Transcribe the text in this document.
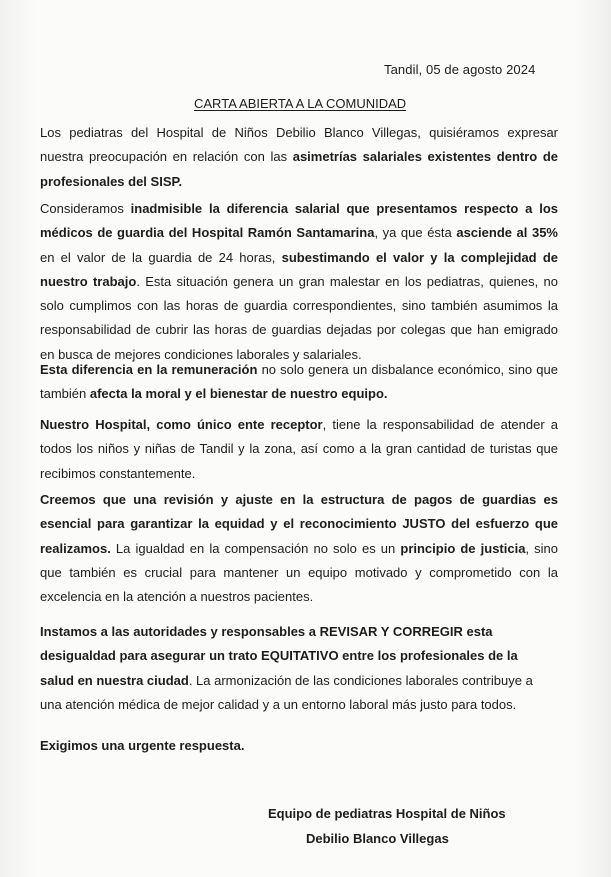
Tandil, 05 de agosto 2024
CARTA ABIERTA A LA COMUNIDAD

Los pediatras del Hospital de Niños Debilio Blanco Villegas, quisiéramos expresar nuestra preocupación en relación con las asimetrías salariales existentes dentro de profesionales del SISP.

Consideramos inadmisible la diferencia salarial que presentamos respecto a los médicos de guardia del Hospital Ramón Santamarina, ya que ésta asciende al 35% en el valor de la guardia de 24 horas, subestimando el valor y la complejidad de nuestro trabajo. Esta situación genera un gran malestar en los pediatras, quienes, no solo cumplimos con las horas de guardia correspondientes, sino también asumimos la responsabilidad de cubrir las horas de guardias dejadas por colegas que han emigrado en busca de mejores condiciones laborales y salariales.

Esta diferencia en la remuneración no solo genera un disbalance económico, sino que también afecta la moral y el bienestar de nuestro equipo.

Nuestro Hospital, como único ente receptor, tiene la responsabilidad de atender a todos los niños y niñas de Tandil y la zona, así como a la gran cantidad de turistas que recibimos constantemente.

Creemos que una revisión y ajuste en la estructura de pagos de guardias es esencial para garantizar la equidad y el reconocimiento JUSTO del esfuerzo que realizamos. La igualdad en la compensación no solo es un principio de justicia, sino que también es crucial para mantener un equipo motivado y comprometido con la excelencia en la atención a nuestros pacientes.

Instamos a las autoridades y responsables a REVISAR Y CORREGIR esta desigualdad para asegurar un trato EQUITATIVO entre los profesionales de la salud en nuestra ciudad. La armonización de las condiciones laborales contribuye a una atención médica de mejor calidad y a un entorno laboral más justo para todos.

Exigimos una urgente respuesta.

Equipo de pediatras Hospital de Niños
Debilio Blanco Villegas
